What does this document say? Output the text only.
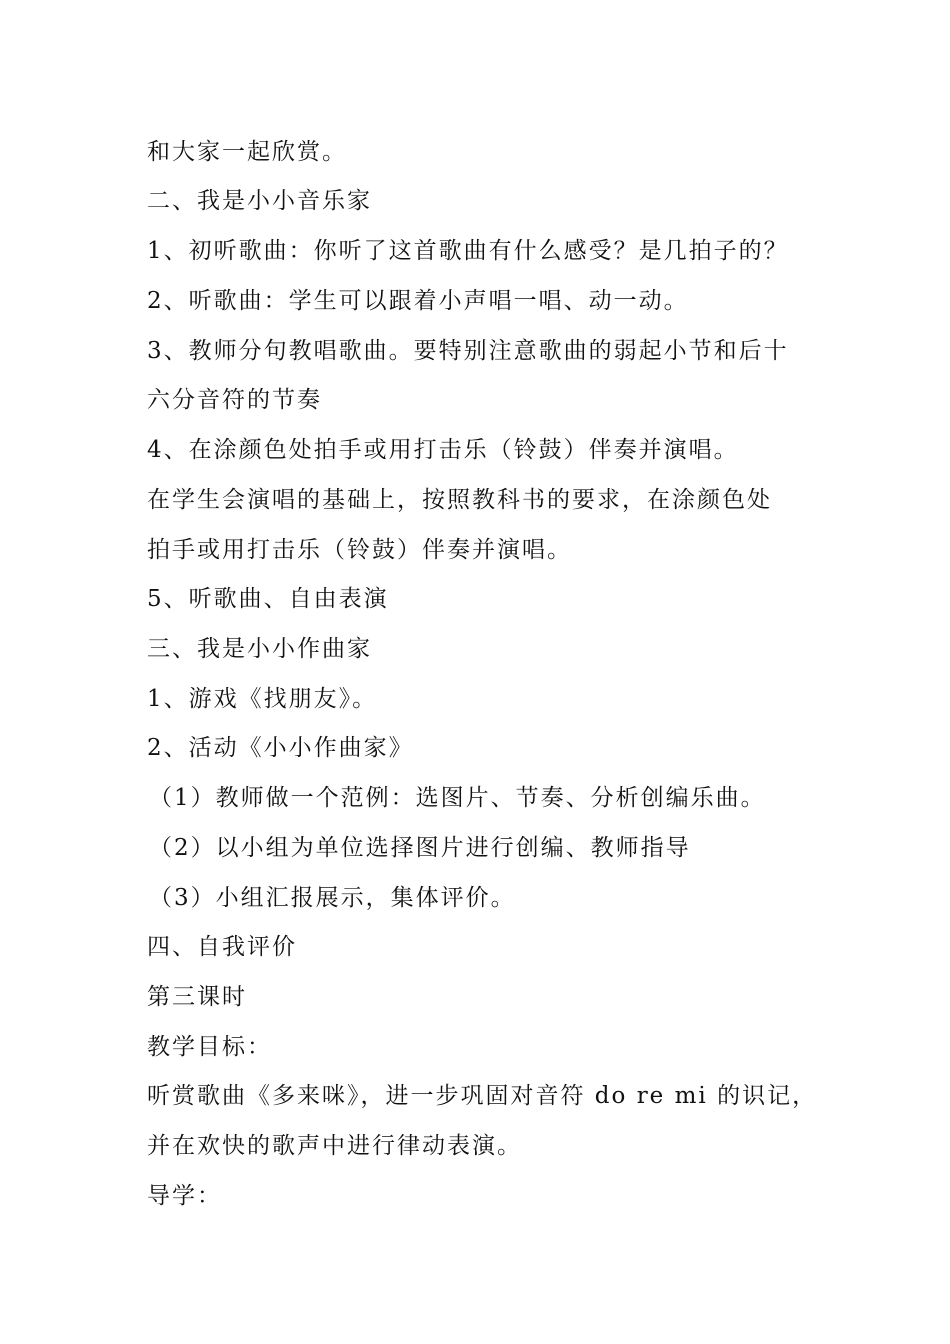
和大家一起欣赏。
二、我是小小音乐家
1、初听歌曲：你听了这首歌曲有什么感受？是几拍子的？
2、听歌曲：学生可以跟着小声唱一唱、动一动。
3、教师分句教唱歌曲。要特别注意歌曲的弱起小节和后十
六分音符的节奏
4、在涂颜色处拍手或用打击乐（铃鼓）伴奏并演唱。
在学生会演唱的基础上，按照教科书的要求，在涂颜色处
拍手或用打击乐（铃鼓）伴奏并演唱。
5、听歌曲、自由表演
三、我是小小作曲家
1、游戏《找朋友》。
2、活动《小小作曲家》
（1）教师做一个范例：选图片、节奏、分析创编乐曲。
（2）以小组为单位选择图片进行创编、教师指导
（3）小组汇报展示，集体评价。
四、自我评价
第三课时
教学目标：
听赏歌曲《多来咪》，进一步巩固对音符 do re mi 的识记，
并在欢快的歌声中进行律动表演。
导学：
